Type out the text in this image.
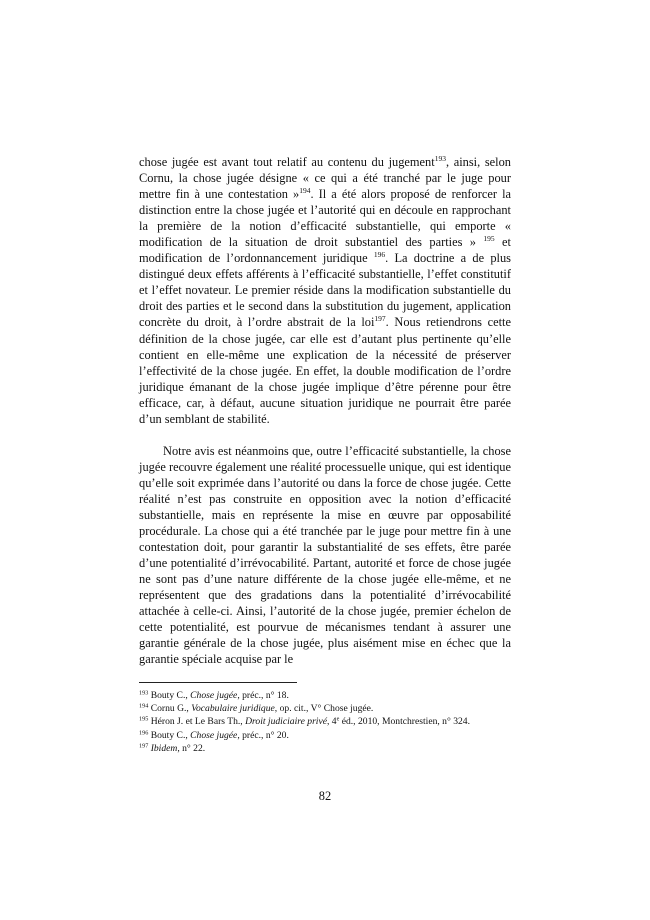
chose jugée est avant tout relatif au contenu du jugement$^{193}$, ainsi, selon Cornu, la chose jugée désigne « ce qui a été tranché par le juge pour mettre fin à une contestation »$^{194}$. Il a été alors proposé de renforcer la distinction entre la chose jugée et l’autorité qui en découle en rapprochant la première de la notion d’efficacité substantielle, qui emporte « modification de la situation de droit substantiel des parties » $^{195}$ et modification de l’ordonnancement juridique $^{196}$. La doctrine a de plus distingué deux effets afférents à l’efficacité substantielle, l’effet constitutif et l’effet novateur. Le premier réside dans la modification substantielle du droit des parties et le second dans la substitution du jugement, application concrète du droit, à l’ordre abstrait de la loi$^{197}$. Nous retiendrons cette définition de la chose jugée, car elle est d’autant plus pertinente qu’elle contient en elle-même une explication de la nécessité de préserver l’effectivité de la chose jugée. En effet, la double modification de l’ordre juridique émanant de la chose jugée implique d’être pérenne pour être efficace, car, à défaut, aucune situation juridique ne pourrait être parée d’un semblant de stabilité.

Notre avis est néanmoins que, outre l’efficacité substantielle, la chose jugée recouvre également une réalité processuelle unique, qui est identique qu’elle soit exprimée dans l’autorité ou dans la force de chose jugée. Cette réalité n’est pas construite en opposition avec la notion d’efficacité substantielle, mais en représente la mise en œuvre par opposabilité procédurale. La chose qui a été tranchée par le juge pour mettre fin à une contestation doit, pour garantir la substantialité de ses effets, être parée d’une potentialité d’irrévocabilité. Partant, autorité et force de chose jugée ne sont pas d’une nature différente de la chose jugée elle-même, et ne représentent que des gradations dans la potentialité d’irrévocabilité attachée à celle-ci. Ainsi, l’autorité de la chose jugée, premier échelon de cette potentialité, est pourvue de mécanismes tendant à assurer une garantie générale de la chose jugée, plus aisément mise en échec que la garantie spéciale acquise par le

$^{193}$ Bouty C., Chose jugée, préc., n° 18.
$^{194}$ Cornu G., Vocabulaire juridique, op. cit., V° Chose jugée.
$^{195}$ Héron J. et Le Bars Th., Droit judiciaire privé, 4e éd., 2010, Montchrestien, n° 324.
$^{196}$ Bouty C., Chose jugée, préc., n° 20.
$^{197}$ Ibidem, n° 22.
82
